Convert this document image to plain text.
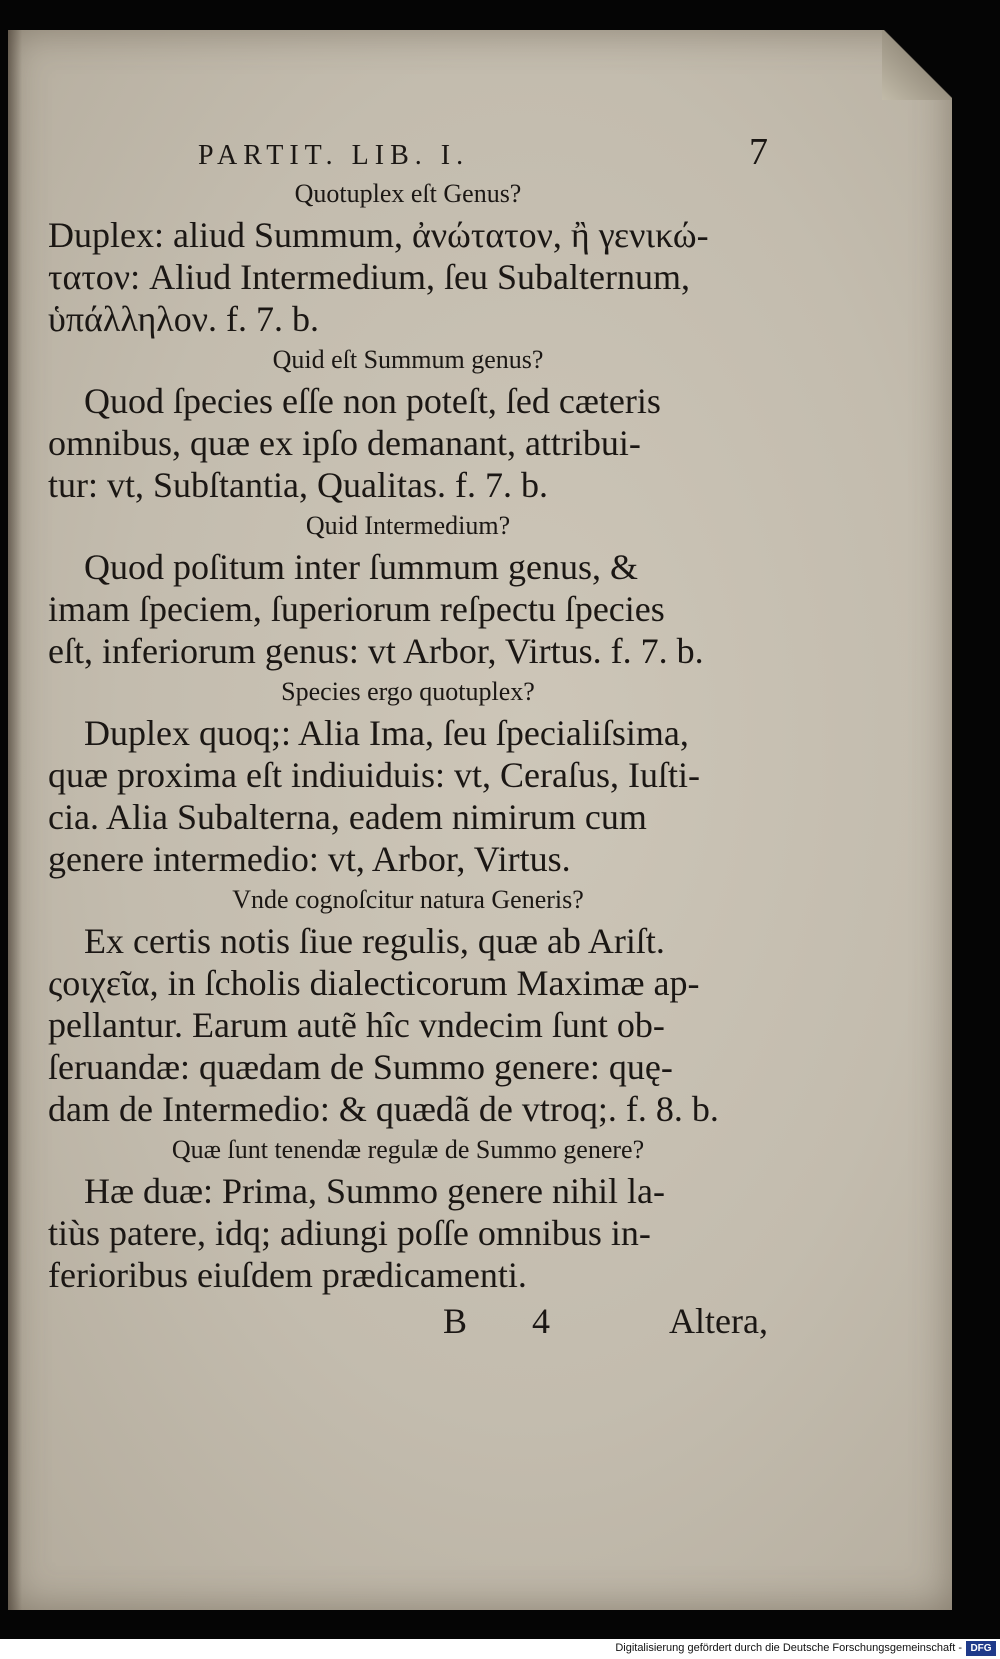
PARTIT. LIB. I.	7
Quotuplex eſt Genus?
Duplex: aliud Summum, ἀνώτατον, ἢ γενικώ-
τατον: Aliud Intermedium, ſeu Subalternum,
ὑπάλληλον. f. 7. b.
Quid eſt Summum genus?
Quod ſpecies eſſe non poteſt, ſed cæteris
omnibus, quæ ex ipſo demanant, attribui-
tur: vt, Subſtantia, Qualitas. f. 7. b.
Quid Intermedium?
Quod poſitum inter ſummum genus, &
imam ſpeciem, ſuperiorum reſpectu ſpecies
eſt, inferiorum genus: vt Arbor, Virtus. f. 7. b.
Species ergo quotuplex?
Duplex quoq;: Alia Ima, ſeu ſpecialiſsima,
quæ proxima eſt indiuiduis: vt, Ceraſus, Iuſti-
cia. Alia Subalterna, eadem nimirum cum
genere intermedio: vt, Arbor, Virtus.
Vnde cognoſcitur natura Generis?
Ex certis notis ſiue regulis, quæ ab Ariſt.
ςοιχεῖα, in ſcholis dialecticorum Maximæ ap-
pellantur. Earum autẽ hîc vndecim ſunt ob-
ſeruandæ: quædam de Summo genere: quę-
dam de Intermedio: & quædã de vtroq;. f. 8. b.
Quæ ſunt tenendæ regulæ de Summo genere?
Hæ duæ: Prima, Summo genere nihil la-
tiùs patere, idq; adiungi poſſe omnibus in-
ferioribus eiuſdem prædicamenti.
B 4	Altera,
Digitalisierung gefördert durch die Deutsche Forschungsgemeinschaft - DFG
